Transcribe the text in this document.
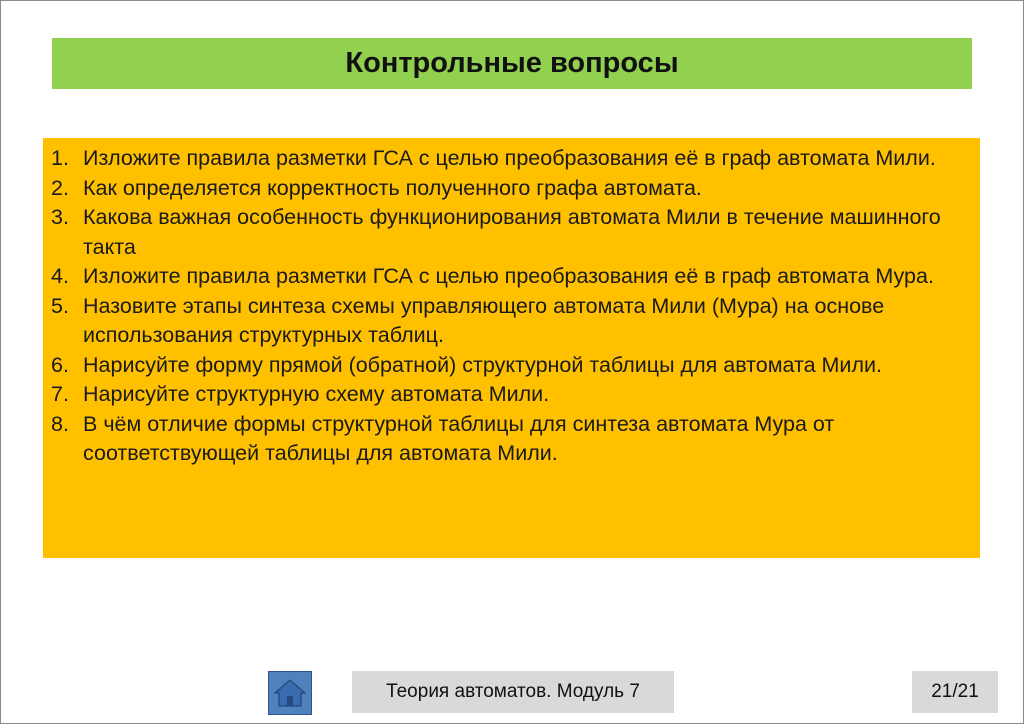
Контрольные вопросы
1. Изложите правила разметки ГСА с целью преобразования её в граф автомата Мили.
2. Как определяется корректность полученного графа автомата.
3. Какова важная особенность функционирования автомата Мили в течение машинного такта
4. Изложите правила разметки ГСА с целью преобразования её в граф автомата Мура.
5. Назовите этапы синтеза схемы управляющего автомата Мили (Мура) на основе использования структурных таблиц.
6. Нарисуйте форму прямой (обратной) структурной таблицы для автомата Мили.
7. Нарисуйте структурную схему автомата Мили.
8. В чём отличие формы структурной таблицы для синтеза автомата Мура от соответствующей таблицы для автомата Мили.
Теория автоматов. Модуль 7	21/21
